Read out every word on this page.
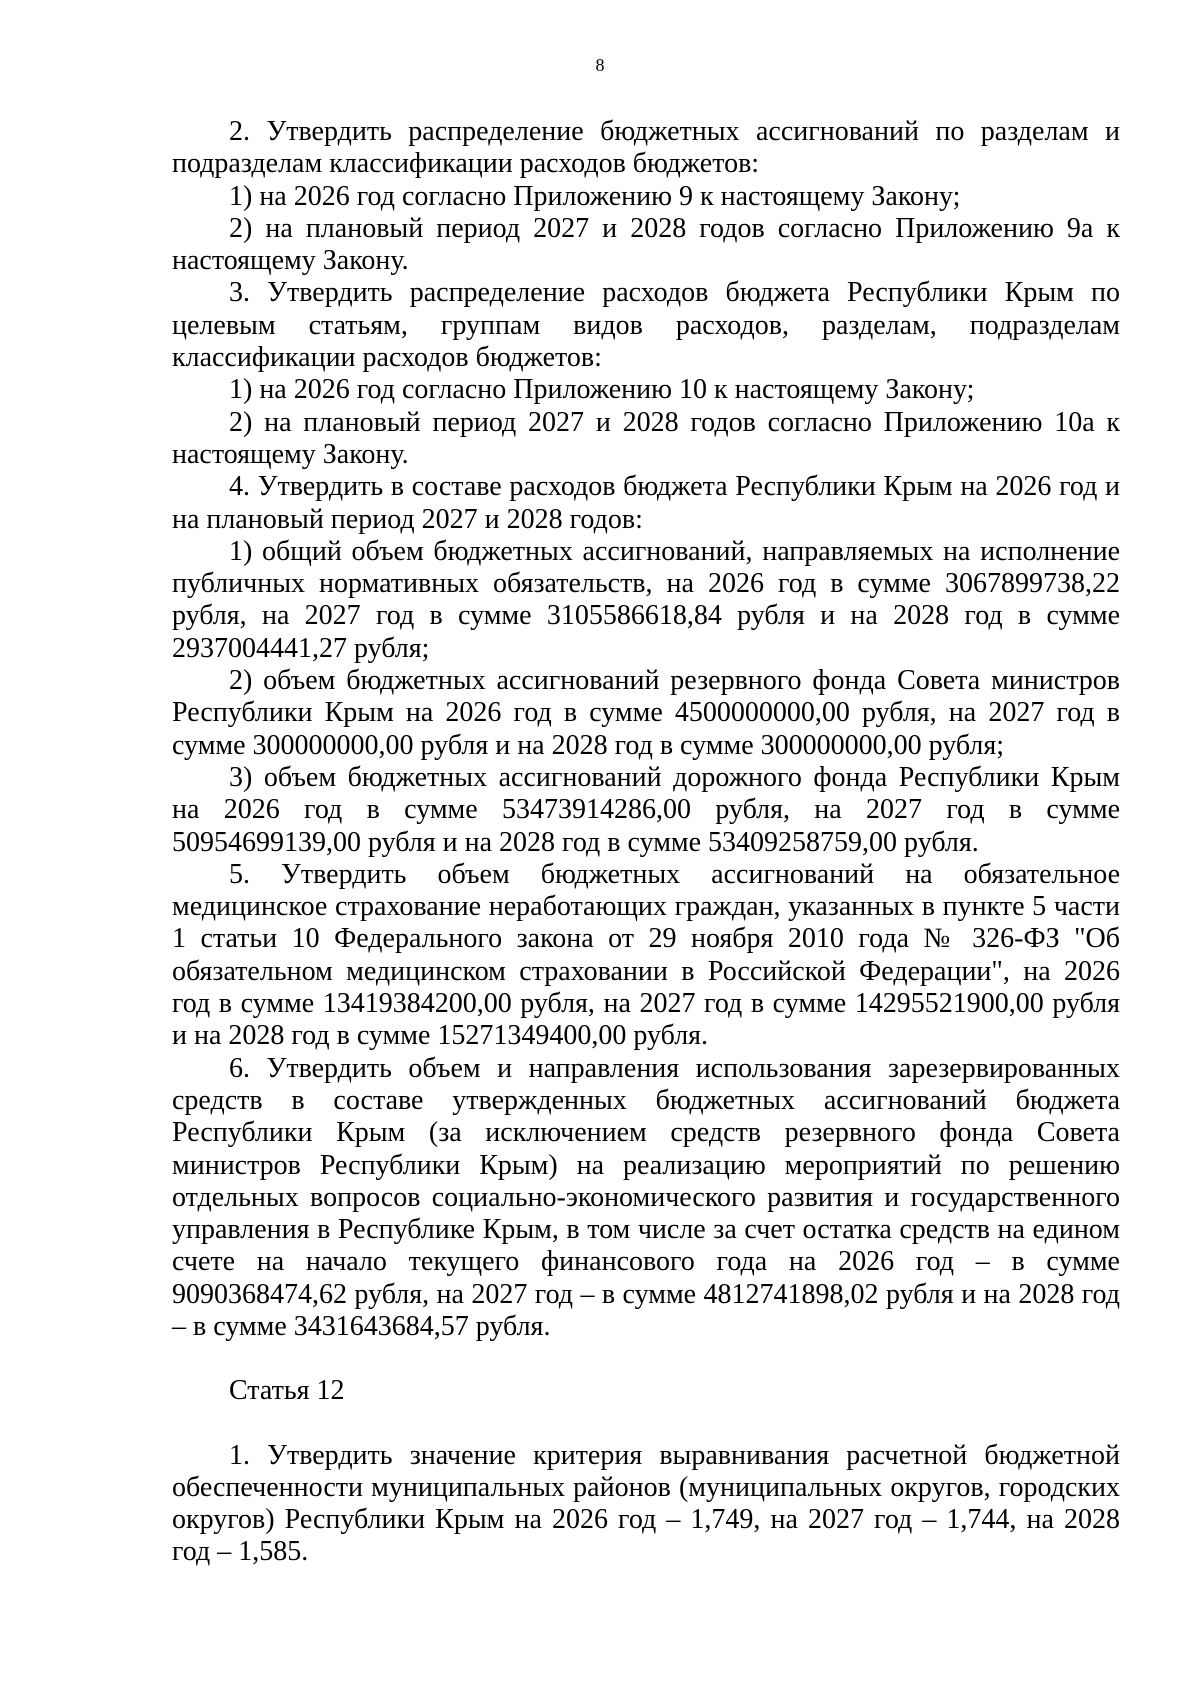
8

2. Утвердить распределение бюджетных ассигнований по разделам и подразделам классификации расходов бюджетов:

1) на 2026 год согласно Приложению 9 к настоящему Закону;

2) на плановый период 2027 и 2028 годов согласно Приложению 9а к настоящему Закону.

3. Утвердить распределение расходов бюджета Республики Крым по целевым статьям, группам видов расходов, разделам, подразделам классификации расходов бюджетов:

1) на 2026 год согласно Приложению 10 к настоящему Закону;

2) на плановый период 2027 и 2028 годов согласно Приложению 10а к настоящему Закону.

4. Утвердить в составе расходов бюджета Республики Крым на 2026 год и на плановый период 2027 и 2028 годов:

1) общий объем бюджетных ассигнований, направляемых на исполнение публичных нормативных обязательств, на 2026 год в сумме 3067899738,22 рубля, на 2027 год в сумме 3105586618,84 рубля и на 2028 год в сумме 2937004441,27 рубля;

2) объем бюджетных ассигнований резервного фонда Совета министров Республики Крым на 2026 год в сумме 4500000000,00 рубля, на 2027 год в сумме 300000000,00 рубля и на 2028 год в сумме 300000000,00 рубля;

3) объем бюджетных ассигнований дорожного фонда Республики Крым на 2026 год в сумме 53473914286,00 рубля, на 2027 год в сумме 50954699139,00 рубля и на 2028 год в сумме 53409258759,00 рубля.

5. Утвердить объем бюджетных ассигнований на обязательное медицинское страхование неработающих граждан, указанных в пункте 5 части 1 статьи 10 Федерального закона от 29 ноября 2010 года № 326-ФЗ "Об обязательном медицинском страховании в Российской Федерации", на 2026 год в сумме 13419384200,00 рубля, на 2027 год в сумме 14295521900,00 рубля и на 2028 год в сумме 15271349400,00 рубля.

6. Утвердить объем и направления использования зарезервированных средств в составе утвержденных бюджетных ассигнований бюджета Республики Крым (за исключением средств резервного фонда Совета министров Республики Крым) на реализацию мероприятий по решению отдельных вопросов социально-экономического развития и государственного управления в Республике Крым, в том числе за счет остатка средств на едином счете на начало текущего финансового года на 2026 год – в сумме 9090368474,62 рубля, на 2027 год – в сумме 4812741898,02 рубля и на 2028 год – в сумме 3431643684,57 рубля.

Статья 12

1. Утвердить значение критерия выравнивания расчетной бюджетной обеспеченности муниципальных районов (муниципальных округов, городских округов) Республики Крым на 2026 год – 1,749, на 2027 год – 1,744, на 2028 год – 1,585.
